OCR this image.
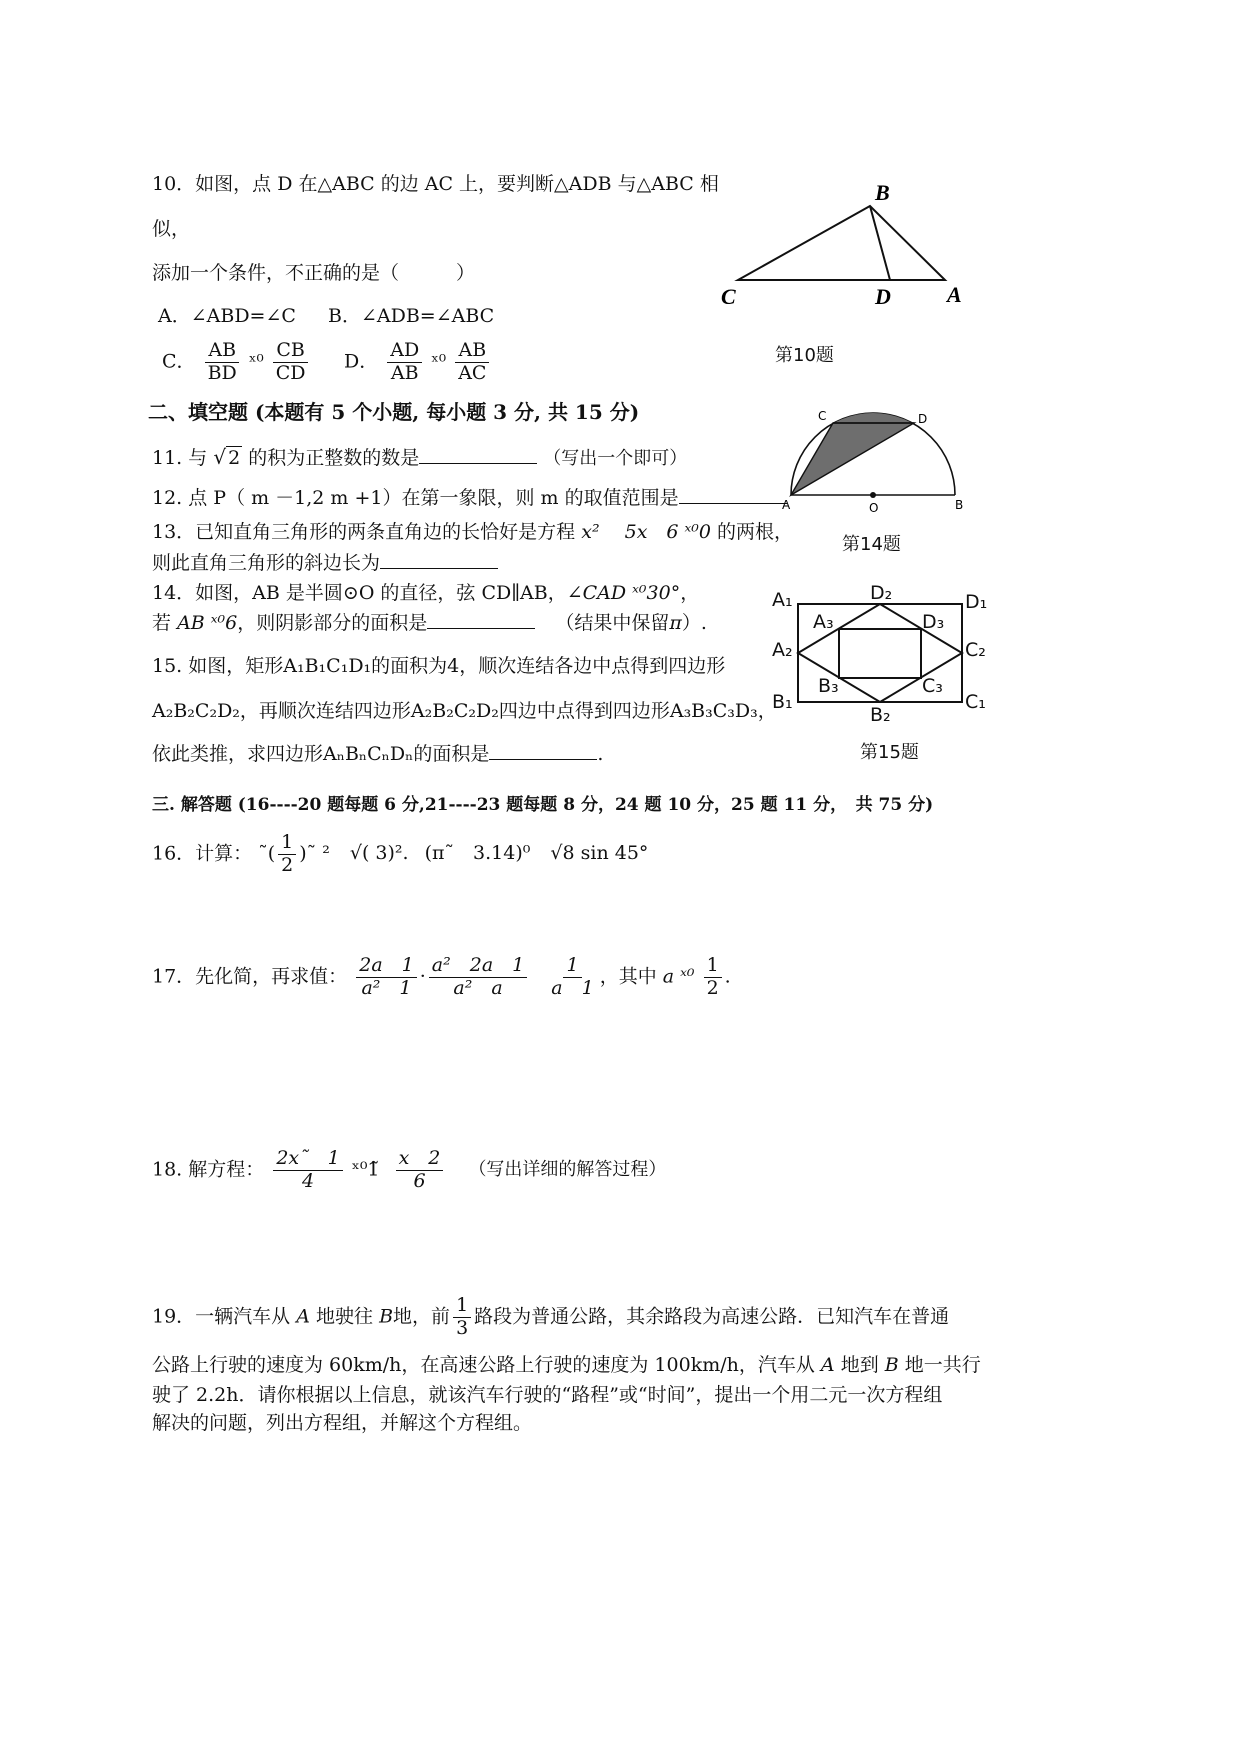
10．如图，点 D 在△ABC 的边 AC 上，要判断△ADB 与△ABC 相
似，
添加一个条件，不正确的是（　　　）
A．∠ABD=∠C B．∠ADB=∠ABC
C． $\frac{AB}{BD}$ ˣ⁰ $\frac{CB}{CD}$ D． $\frac{AD}{AB}$ ˣ⁰ $\frac{AB}{AC}$
B
C	D	A
第10题
二、填空题 (本题有 5 个小题, 每小题 3 分, 共 15 分)
11. 与 √ 2 的积为正整数的数是	（写出一个即可）
12. 点 P（ m －1,2 m +1）在第一象限，则 m 的取值范围是
13．已知直角三角形的两条直角边的长恰好是方程 x² 　5x　6 ˣ⁰0 的两根，
则此直角三角形的斜边长为
14．如图，AB 是半圆⊙O 的直径，弦 CD∥AB，∠CAD ˣ⁰30°，
若 AB ˣ⁰6，则阴影部分的面积是	（结果中保留π）.
C	D
A	O	B
第14题
15. 如图，矩形A₁B₁C₁D₁的面积为4，顺次连结各边中点得到四边形
A₂B₂C₂D₂，再顺次连结四边形A₂B₂C₂D₂四边中点得到四边形A₃B₃C₃D₃，
依此类推，求四边形AₙBₙCₙDₙ的面积是	.
A₁	D₂	D₁
A₃	D₃
A₂	C₂
B₃	C₃
B₁
B₂
C₁
第15题
三. 解答题 (16----20 题每题 6 分,21----23 题每题 8 分，24 题 10 分，25 题 11 分，　共 75 分)
16．计算： ˜( $\frac{1}{2}$ )˜ ² √( 3)². (π˜　3.14)⁰ √8 sin 45°
17．先化简，再求值： $\frac{2a 1}{\text{a²　1}} \cdot \frac{\text{a²　2a　1}}{\text{a²　a}}$
$\frac{1}{a 1}$ ，其中 a ˣ⁰ $\frac{1}{2}$ .
18. 解方程： $\frac{2x˜ 1}{4}$ ˣ⁰1̃ $\frac{x 2}{6}$ （写出详细的解答过程）
19．一辆汽车从 A 地驶往 B地，前 $\frac{1}{3}$ 路段为普通公路，其余路段为高速公路．已知汽车在普通
公路上行驶的速度为 60km/h，在高速公路上行驶的速度为 100km/h，汽车从 A 地到 B 地一共行
驶了 2.2h．请你根据以上信息，就该汽车行驶的“路程”或“时间”，提出一个用二元一次方程组
解决的问题，列出方程组，并解这个方程组。
